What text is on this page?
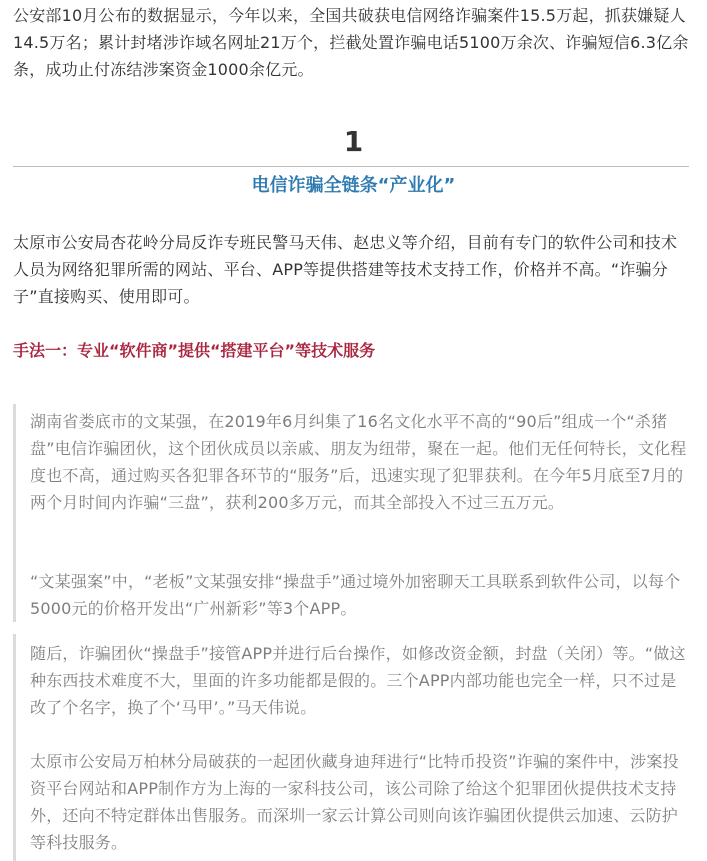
公安部10月公布的数据显示，今年以来，全国共破获电信网络诈骗案件15.5万起，抓获嫌疑人14.5万名；累计封堵涉诈域名网址21万个，拦截处置诈骗电话5100万余次、诈骗短信6.3亿余条，成功止付冻结涉案资金1000余亿元。

1
电信诈骗全链条“产业化”

太原市公安局杏花岭分局反诈专班民警马天伟、赵忠义等介绍，目前有专门的软件公司和技术人员为网络犯罪所需的网站、平台、APP等提供搭建等技术支持工作，价格并不高。“诈骗分子”直接购买、使用即可。

手法一：专业“软件商”提供“搭建平台”等技术服务

湖南省娄底市的文某强，在2019年6月纠集了16名文化水平不高的“90后”组成一个“杀猪盘”电信诈骗团伙，这个团伙成员以亲戚、朋友为纽带，聚在一起。他们无任何特长，文化程度也不高，通过购买各犯罪各环节的“服务”后，迅速实现了犯罪获利。在今年5月底至7月的两个月时间内诈骗“三盘”，获利200多万元，而其全部投入不过三五万元。

“文某强案”中，“老板”文某强安排“操盘手”通过境外加密聊天工具联系到软件公司，以每个5000元的价格开发出“广州新彩”等3个APP。

随后，诈骗团伙“操盘手”接管APP并进行后台操作，如修改资金额，封盘（关闭）等。“做这种东西技术难度不大，里面的许多功能都是假的。三个APP内部功能也完全一样，只不过是改了个名字，换了个‘马甲’。”马天伟说。

太原市公安局万柏林分局破获的一起团伙藏身迪拜进行“比特币投资”诈骗的案件中，涉案投资平台网站和APP制作方为上海的一家科技公司，该公司除了给这个犯罪团伙提供技术支持外，还向不特定群体出售服务。而深圳一家云计算公司则向该诈骗团伙提供云加速、云防护等科技服务。
